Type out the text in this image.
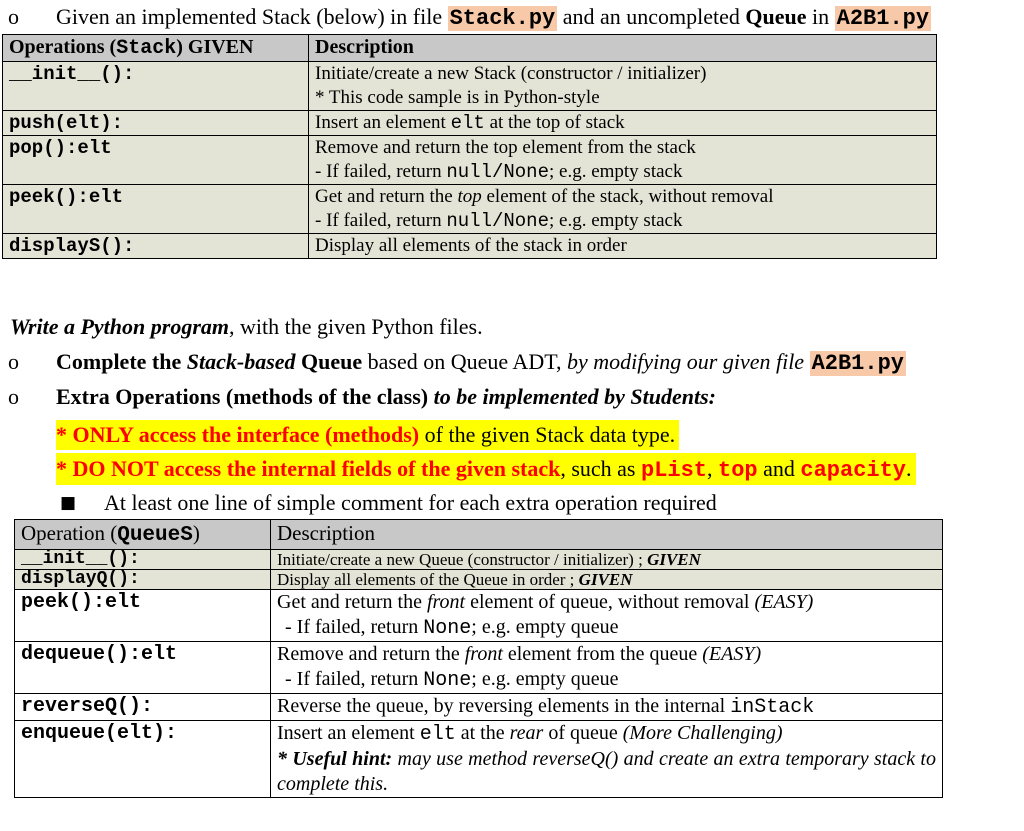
o Given an implemented Stack (below) in file Stack.py and an uncompleted Queue in A2B1.py
Operations (Stack) GIVEN	Description
__init__():	Initiate/create a new Stack (constructor / initializer)
* This code sample is in Python-style

push(elt):	Insert an element elt at the top of stack
pop():elt	Remove and return the top element from the stack
- If failed, return null/None; e.g. empty stack

peek():elt	Get and return the top element of the stack, without removal
- If failed, return null/None; e.g. empty stack

displayS():	Display all elements of the stack in order
Write a Python program, with the given Python files.
o Complete the Stack-based Queue based on Queue ADT, by modifying our given file A2B1.py
o Extra Operations (methods of the class) to be implemented by Students:
* ONLY access the interface (methods) of the given Stack data type.
* DO NOT access the internal fields of the given stack, such as pList, top and capacity.
■ At least one line of simple comment for each extra operation required
Operation (QueueS)	Description
__init__():	Initiate/create a new Queue (constructor / initializer) ; GIVEN
displayQ():	Display all elements of the Queue in order ; GIVEN
peek():elt	Get and return the front element of queue, without removal (EASY)
- If failed, return None; e.g. empty queue

dequeue():elt	Remove and return the front element from the queue (EASY)
- If failed, return None; e.g. empty queue

reverseQ():	Reverse the queue, by reversing elements in the internal inStack
enqueue(elt):	Insert an element elt at the rear of queue (More Challenging)
* Useful hint: may use method reverseQ() and create an extra temporary stack to complete this.
